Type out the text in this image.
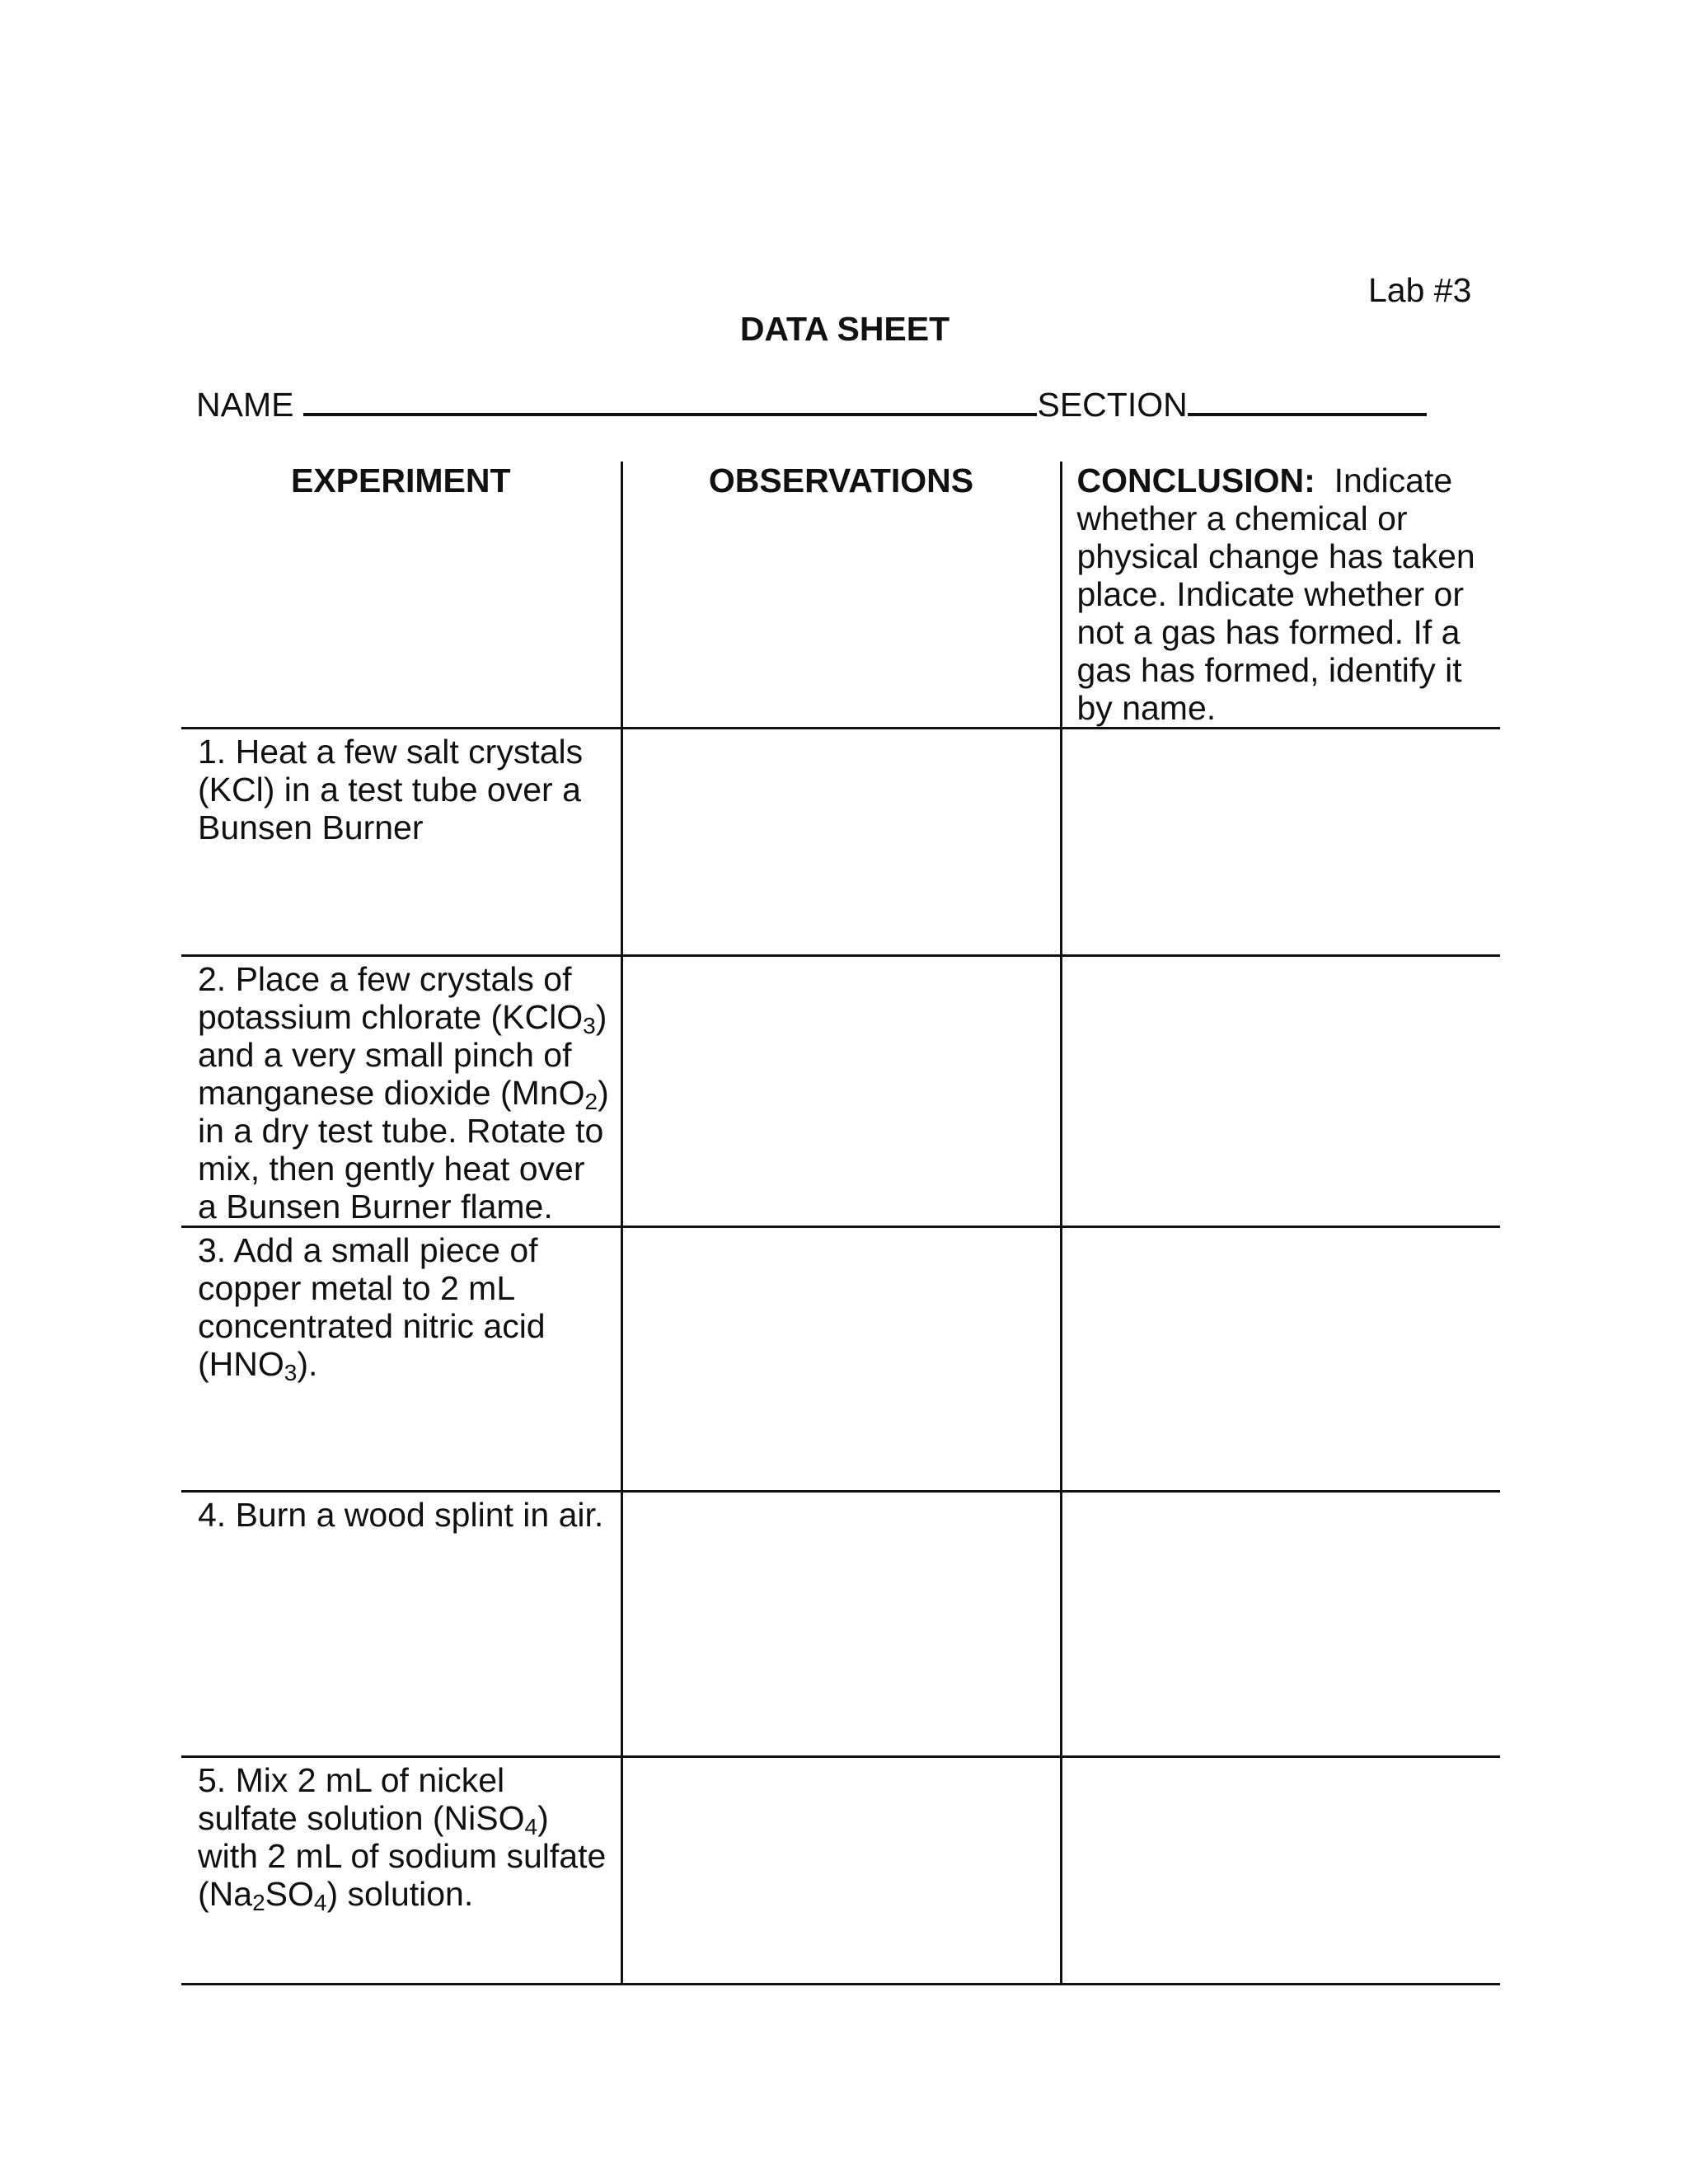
Lab #3
DATA SHEET
NAME	SECTION
EXPERIMENT	OBSERVATIONS	CONCLUSION: Indicate whether a chemical or physical change has taken place. Indicate whether or not a gas has formed. If a gas has formed, identify it by name.
1. Heat a few salt crystals (KCl) in a test tube over a Bunsen Burner		
2. Place a few crystals of potassium chlorate (KClO$_3$) and a very small pinch of manganese dioxide (MnO$_2$) in a dry test tube. Rotate to mix, then gently heat over a Bunsen Burner flame.		
3. Add a small piece of copper metal to 2 mL concentrated nitric acid $(HNO_3)$.		
4. Burn a wood splint in air.		
5. Mix 2 mL of nickel sulfate solution (NiSO$_4$) with 2 mL of sodium sulfate $(Na_2SO_4)$ solution.		
